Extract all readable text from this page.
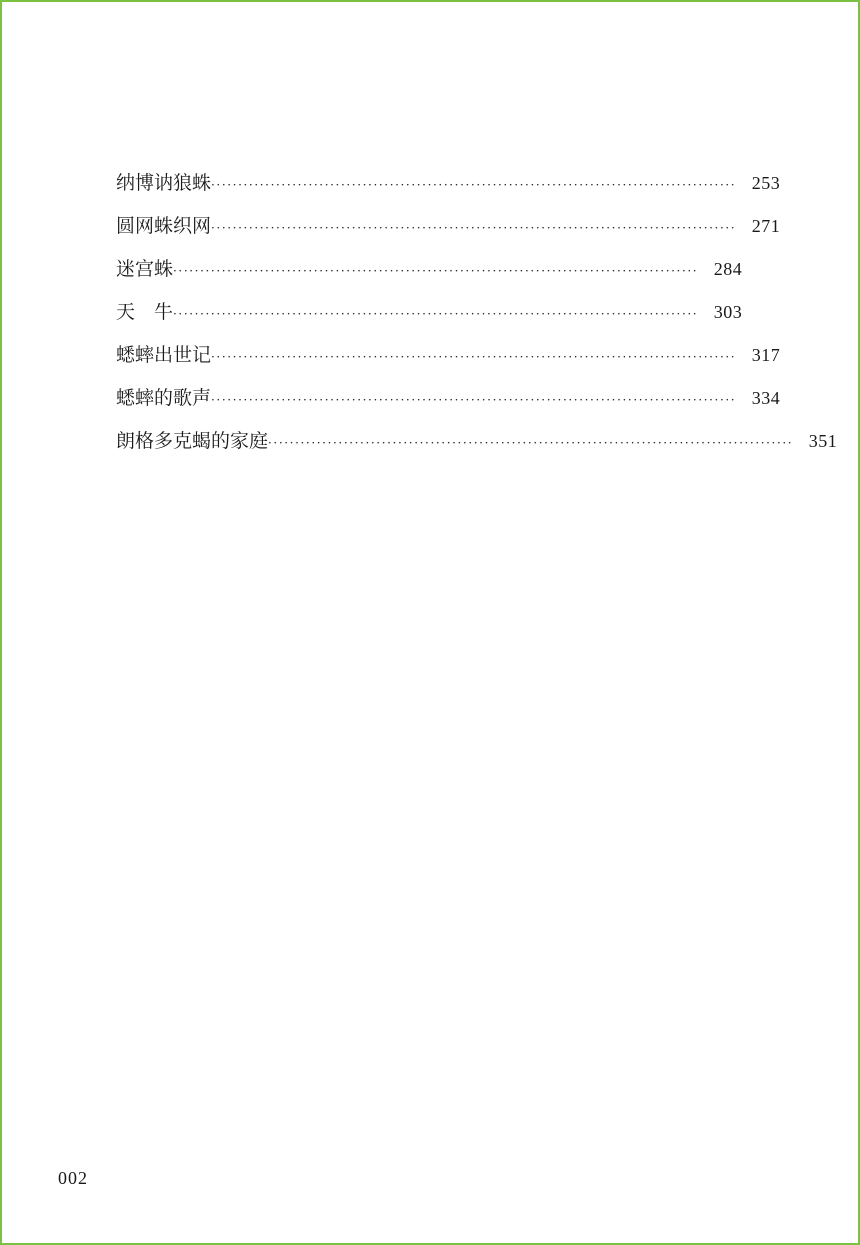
纳博讷狼蛛 ································································································· 253
圆网蛛织网 ································································································· 271
迷宫蛛 ································································································· 284
天　牛 ································································································· 303
蟋蟀出世记 ································································································· 317
蟋蟀的歌声 ································································································· 334
朗格多克蝎的家庭 ································································································· 351
002
